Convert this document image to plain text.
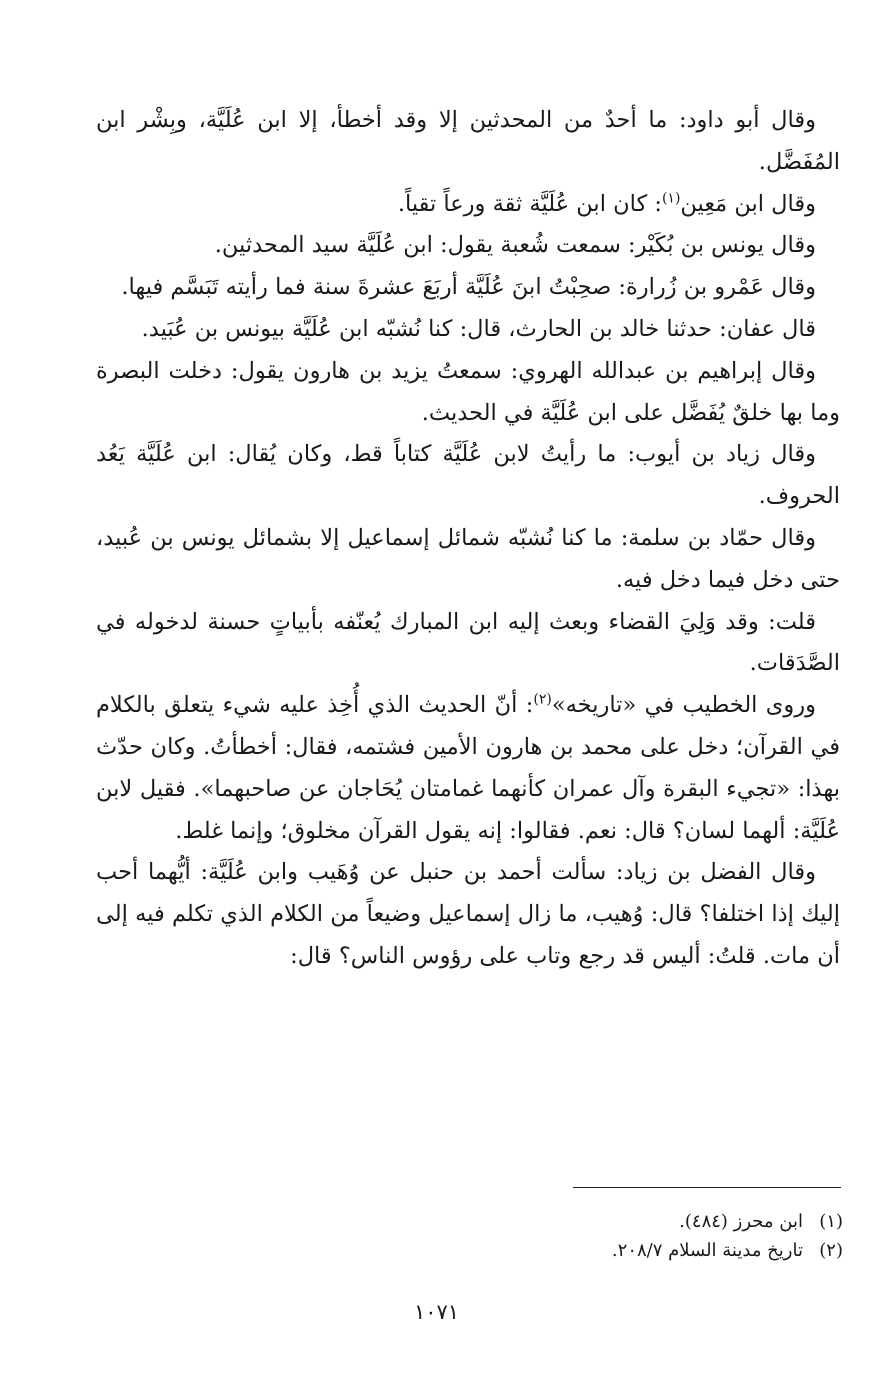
وقال أبو داود: ما أحدٌ من المحدثين إلا وقد أخطأ، إلا ابن عُلَيَّة، وبِشْر ابن المُفَضَّل.

وقال ابن مَعِين$^{(١)}$: كان ابن عُلَيَّة ثقة ورعاً تقياً.

وقال يونس بن بُكَيْر: سمعت شُعبة يقول: ابن عُلَيَّة سيد المحدثين.

وقال عَمْرو بن زُرارة: صحِبْتُ ابنَ عُلَيَّة أربَعَ عشرةَ سنة فما رأيته تَبَسَّم فيها.

قال عفان: حدثنا خالد بن الحارث، قال: كنا نُشبّه ابن عُلَيَّة بيونس بن عُبَيد.

وقال إبراهيم بن عبدالله الهروي: سمعتُ يزيد بن هارون يقول: دخلت البصرة وما بها خلقٌ يُفَضَّل على ابن عُلَيَّة في الحديث.

وقال زياد بن أيوب: ما رأيتُ لابن عُلَيَّة كتاباً قط، وكان يُقال: ابن عُلَيَّة يَعُد الحروف.

وقال حمّاد بن سلمة: ما كنا نُشبّه شمائل إسماعيل إلا بشمائل يونس بن عُبيد، حتى دخل فيما دخل فيه.

قلت: وقد وَلِيَ القضاء وبعث إليه ابن المبارك يُعنّفه بأبياتٍ حسنة لدخوله في الصَّدَقات.

وروى الخطيب في «تاريخه»$^{(٢)}$: أنّ الحديث الذي أُخِذ عليه شيء يتعلق بالكلام في القرآن؛ دخل على محمد بن هارون الأمين فشتمه، فقال: أخطأتُ. وكان حدّث بهذا: «تجيء البقرة وآل عمران كأنهما غمامتان يُحَاجان عن صاحبهما». فقيل لابن عُلَيَّة: ألهما لسان؟ قال: نعم. فقالوا: إنه يقول القرآن مخلوق؛ وإنما غلط.

وقال الفضل بن زياد: سألت أحمد بن حنبل عن وُهَيب وابن عُلَيَّة: أيُّهما أحب إليك إذا اختلفا؟ قال: وُهيب، ما زال إسماعيل وضيعاً من الكلام الذي تكلم فيه إلى أن مات. قلتُ: أليس قد رجع وتاب على رؤوس الناس؟ قال:

(١)ابن محرز (٤٨٤).
(٢)تاريخ مدينة السلام ٢٠٨/٧.
١٠٧١
